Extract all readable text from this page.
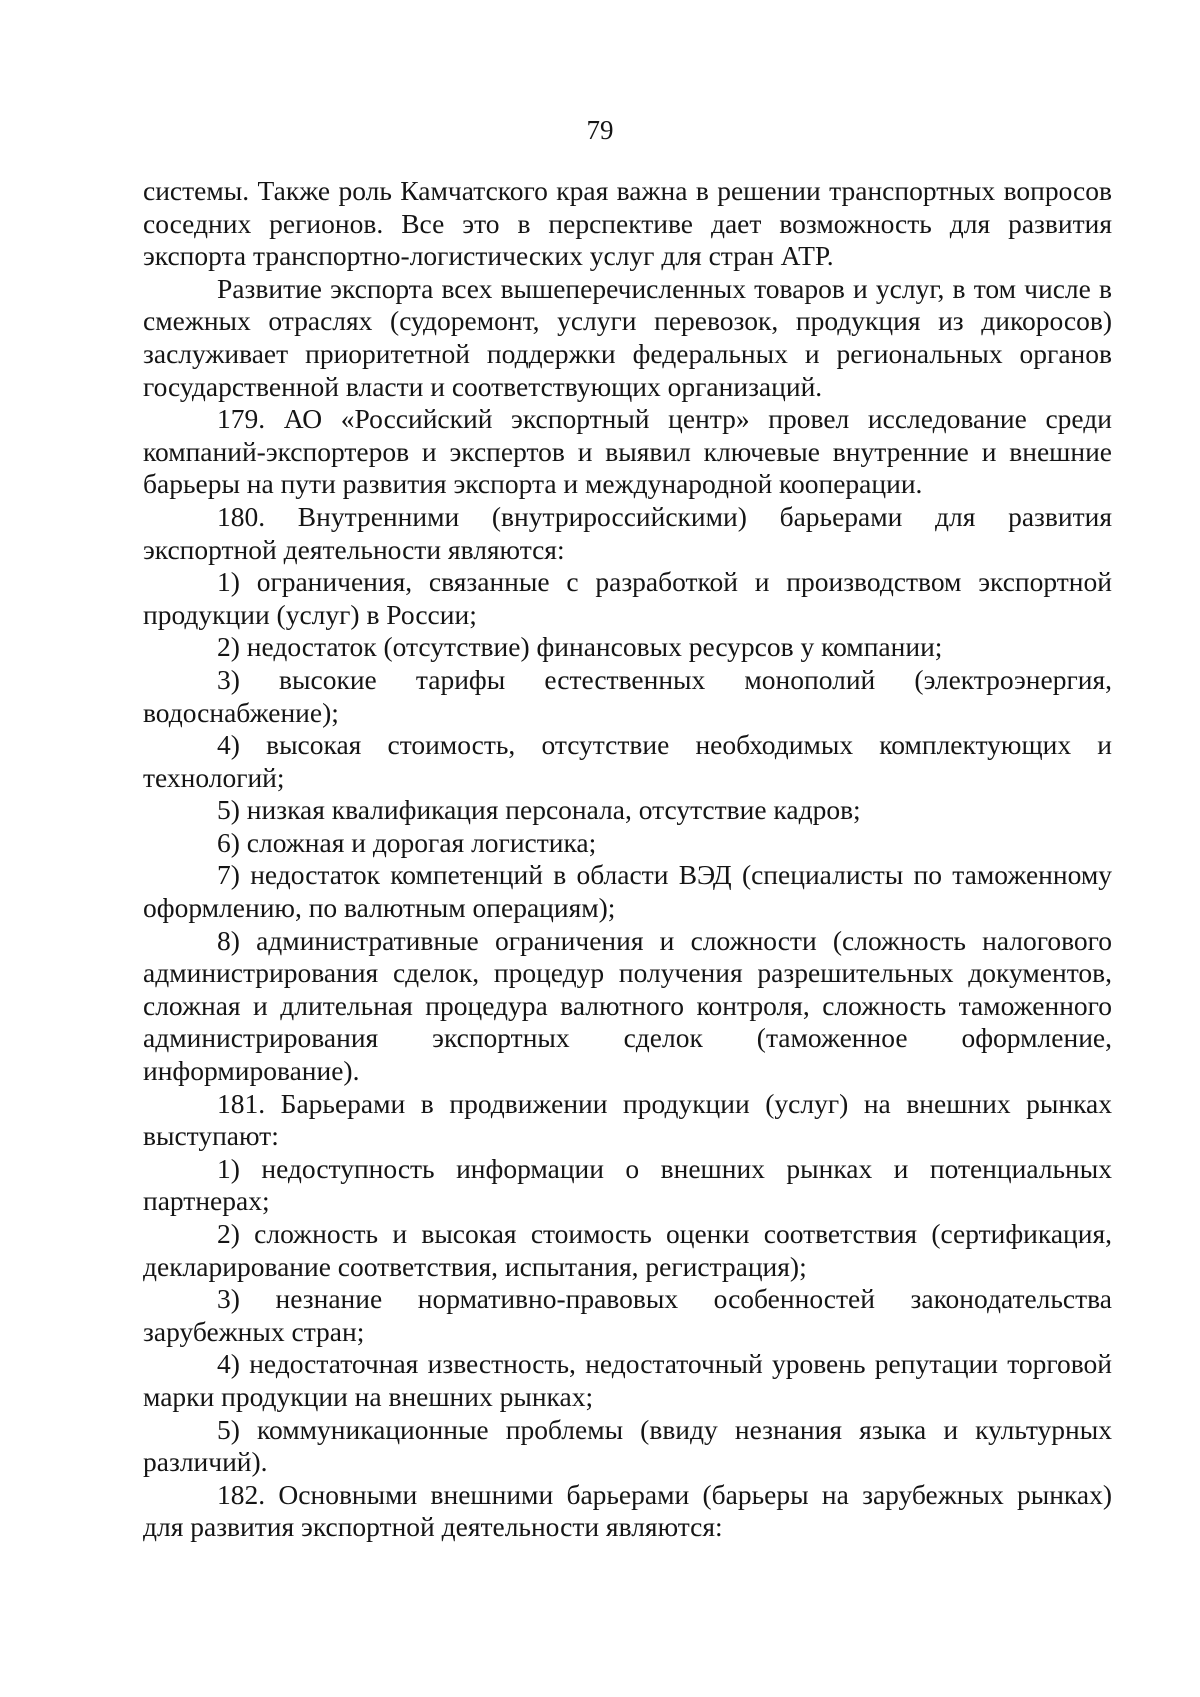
79

системы. Также роль Камчатского края важна в решении транспортных вопросов соседних регионов. Все это в перспективе дает возможность для развития экспорта транспортно-логистических услуг для стран АТР.

Развитие экспорта всех вышеперечисленных товаров и услуг, в том числе в смежных отраслях (судоремонт, услуги перевозок, продукция из дикоросов) заслуживает приоритетной поддержки федеральных и региональных органов государственной власти и соответствующих организаций.

179. АО «Российский экспортный центр» провел исследование среди компаний-экспортеров и экспертов и выявил ключевые внутренние и внешние барьеры на пути развития экспорта и международной кооперации.

180. Внутренними (внутрироссийскими) барьерами для развития экспортной деятельности являются:

1) ограничения, связанные с разработкой и производством экспортной продукции (услуг) в России;

2) недостаток (отсутствие) финансовых ресурсов у компании;

3) высокие тарифы естественных монополий (электроэнергия, водоснабжение);

4) высокая стоимость, отсутствие необходимых комплектующих и технологий;

5) низкая квалификация персонала, отсутствие кадров;

6) сложная и дорогая логистика;

7) недостаток компетенций в области ВЭД (специалисты по таможенному оформлению, по валютным операциям);

8) административные ограничения и сложности (сложность налогового администрирования сделок, процедур получения разрешительных документов, сложная и длительная процедура валютного контроля, сложность таможенного администрирования экспортных сделок (таможенное оформление, информирование).

181. Барьерами в продвижении продукции (услуг) на внешних рынках выступают:

1) недоступность информации о внешних рынках и потенциальных партнерах;

2) сложность и высокая стоимость оценки соответствия (сертификация, декларирование соответствия, испытания, регистрация);

3) незнание нормативно-правовых особенностей законодательства зарубежных стран;

4) недостаточная известность, недостаточный уровень репутации торговой марки продукции на внешних рынках;

5) коммуникационные проблемы (ввиду незнания языка и культурных различий).

182. Основными внешними барьерами (барьеры на зарубежных рынках) для развития экспортной деятельности являются:
